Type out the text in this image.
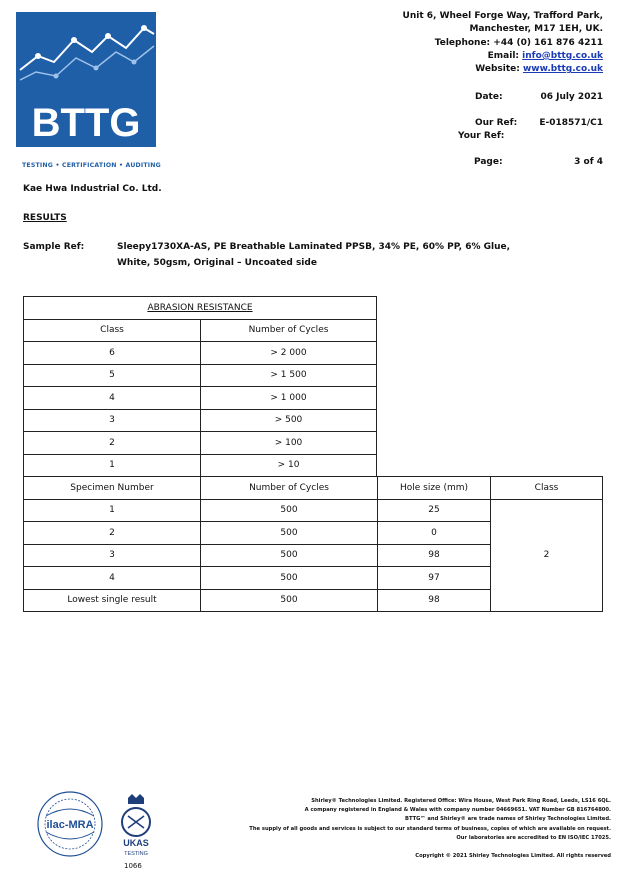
BTTG
TESTING • CERTIFICATION • AUDITING
Unit 6, Wheel Forge Way, Trafford Park,
Manchester, M17 1EH, UK.
Telephone: +44 (0) 161 876 4211
Email: info@bttg.co.uk
Website: www.bttg.co.uk
Date:	06 July 2021
Our Ref: E-018571/C1
Your Ref:
Page:	3 of 4
Kae Hwa Industrial Co. Ltd.
RESULTS
Sample Ref:	Sleepy1730XA-AS, PE Breathable Laminated PPSB, 34% PE, 60% PP, 6% Glue,
White, 50gsm, Original – Uncoated side
ABRASION RESISTANCE	
Class	Number of Cycles
6	> 2 000
5	> 1 500
4	> 1 000
3	> 500
2	> 100
1	> 10
Specimen Number	Number of Cycles	Hole size (mm)	Class
1	500	25	2
2	500	0	
3	500	98	
4	500	97	
Lowest single result	500	98	
ilac-MRA
UKAS
TESTING
1066
Shirley® Technologies Limited. Registered Office: Wira House, West Park Ring Road, Leeds, LS16 6QL.
A company registered in England & Wales with company number 04669651. VAT Number GB 816764800.
BTTG™ and Shirley® are trade names of Shirley Technologies Limited.
The supply of all goods and services is subject to our standard terms of business, copies of which are available on request.
Our laboratories are accredited to EN ISO/IEC 17025.
Copyright © 2021 Shirley Technologies Limited. All rights reserved
